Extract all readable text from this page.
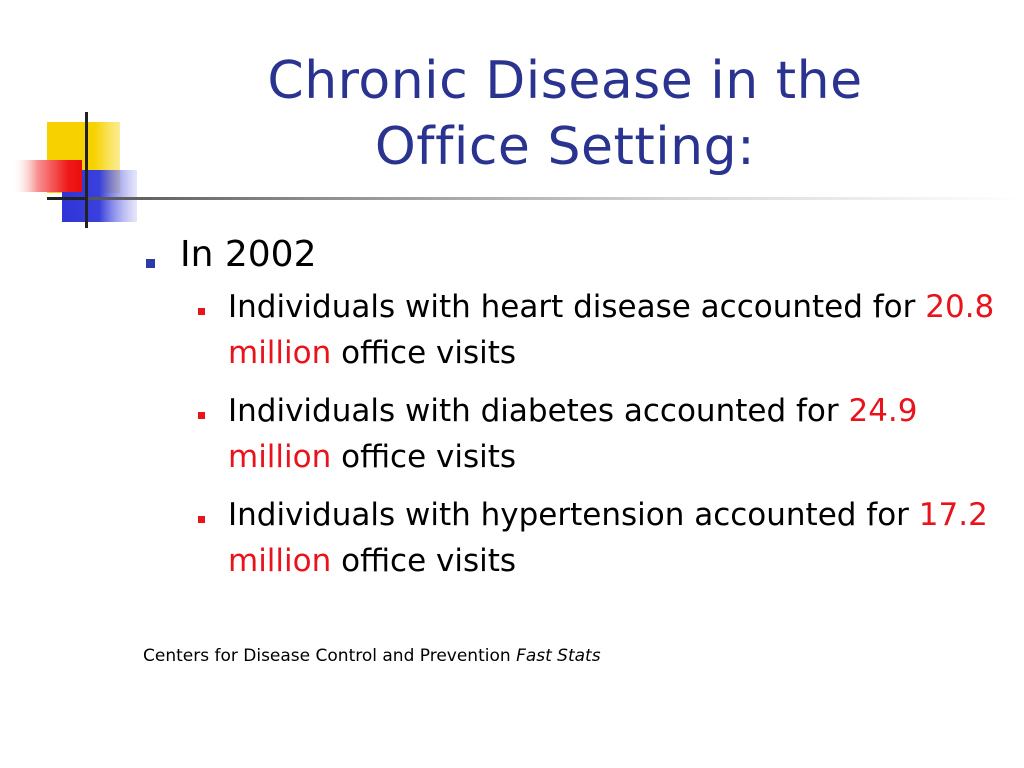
Chronic Disease in the
Office Setting:
In 2002
Individuals with heart disease accounted for 20.8 million office visits
Individuals with diabetes accounted for 24.9 million office visits
Individuals with hypertension accounted for 17.2 million office visits
Centers for Disease Control and Prevention Fast Stats
